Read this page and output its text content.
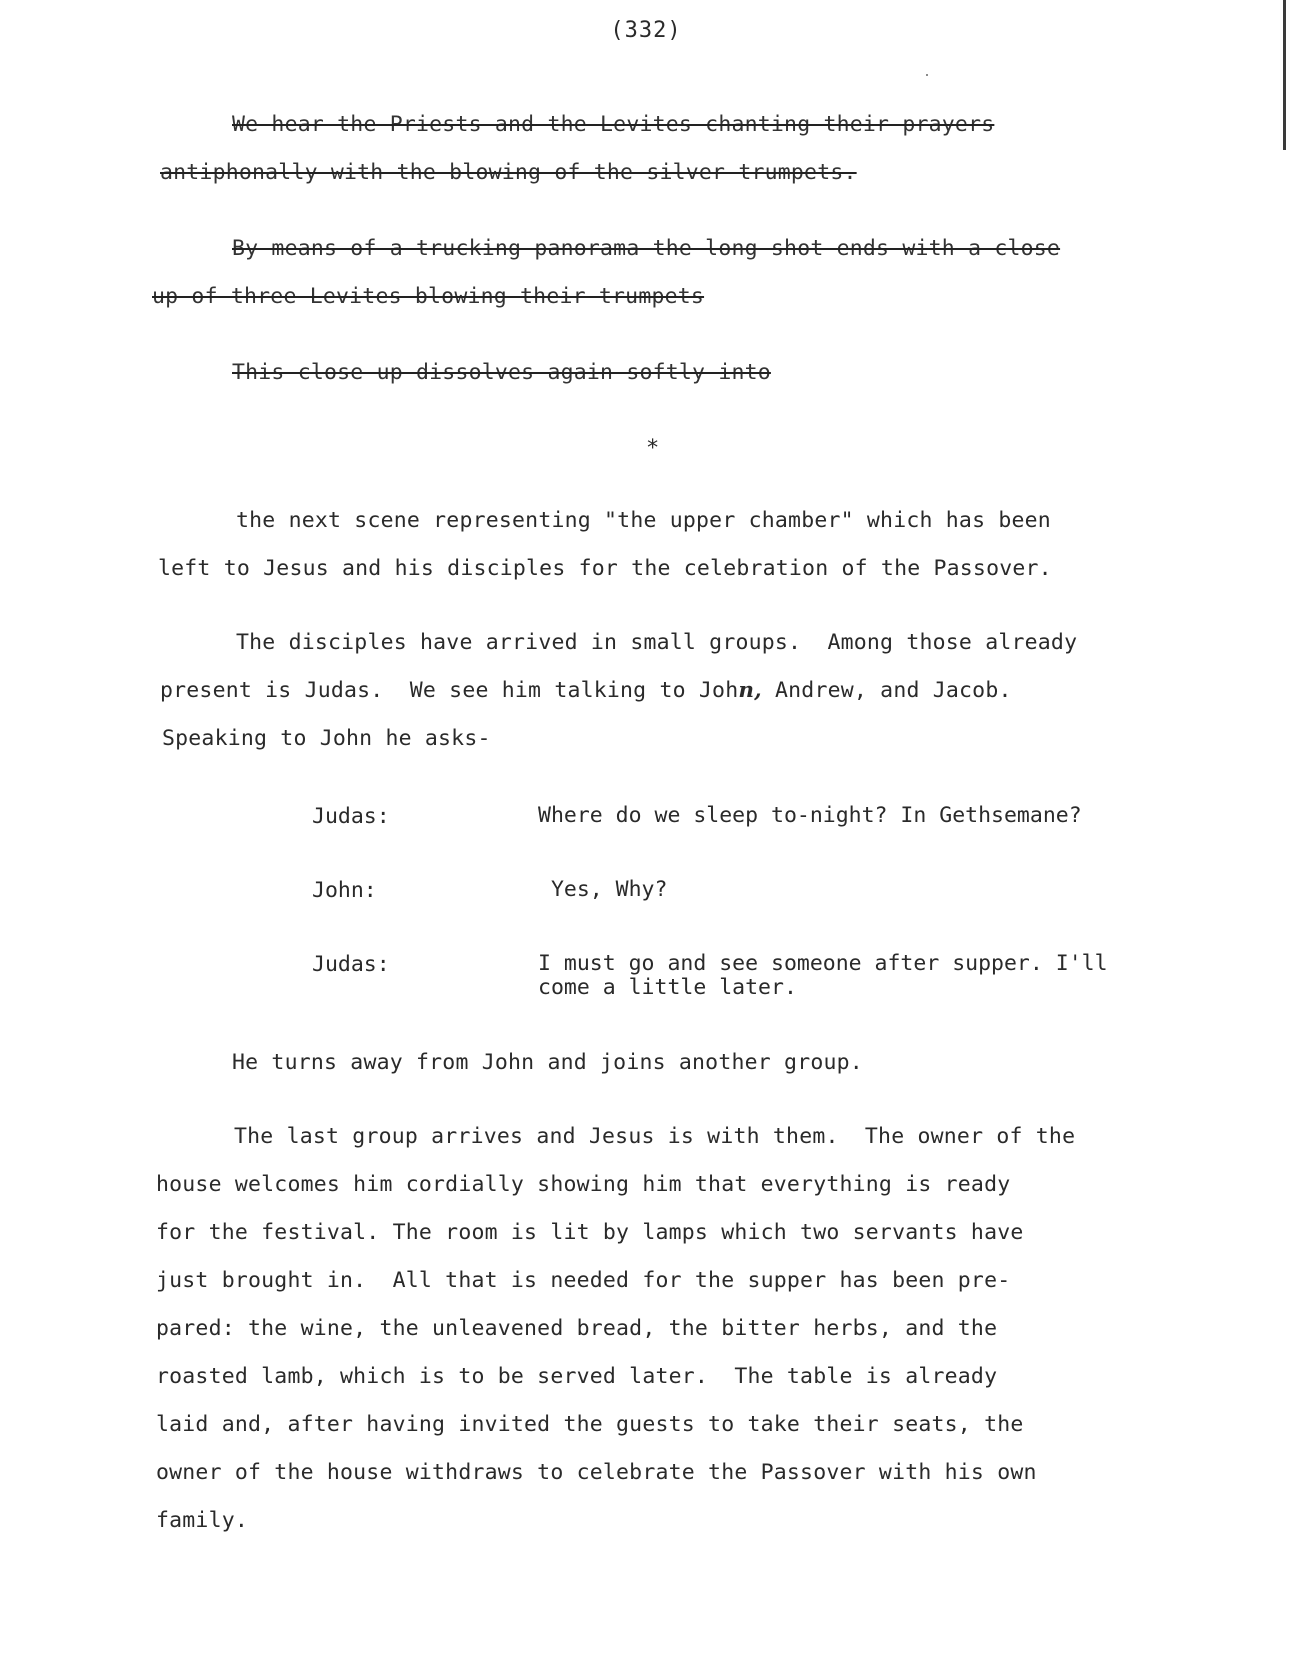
(332)
We hear the Priests and the Levites chanting their prayers
antiphonally with the blowing of the silver trumpets.
By means of a trucking-panorama the long shot ends with a close
up of three Levites blowing their trumpets
This close up dissolves again softly into
*
the next scene representing "the upper chamber" which has been
left to Jesus and his disciples for the celebration of the Passover.
The disciples have arrived in small groups.  Among those already
present is Judas.  We see him talking to John, Andrew, and Jacob.
Speaking to John he asks-
Judas:	Where do we sleep to-night? In Gethsemane?
John:	Yes, Why?
Judas:	I must go and see someone after supper. I'll
come a little later.
He turns away from John and joins another group.
The last group arrives and Jesus is with them.  The owner of the
house welcomes him cordially showing him that everything is ready
for the festival. The room is lit by lamps which two servants have
just brought in.  All that is needed for the supper has been pre-
pared: the wine, the unleavened bread, the bitter herbs, and the
roasted lamb, which is to be served later.  The table is already
laid and, after having invited the guests to take their seats, the
owner of the house withdraws to celebrate the Passover with his own
family.
